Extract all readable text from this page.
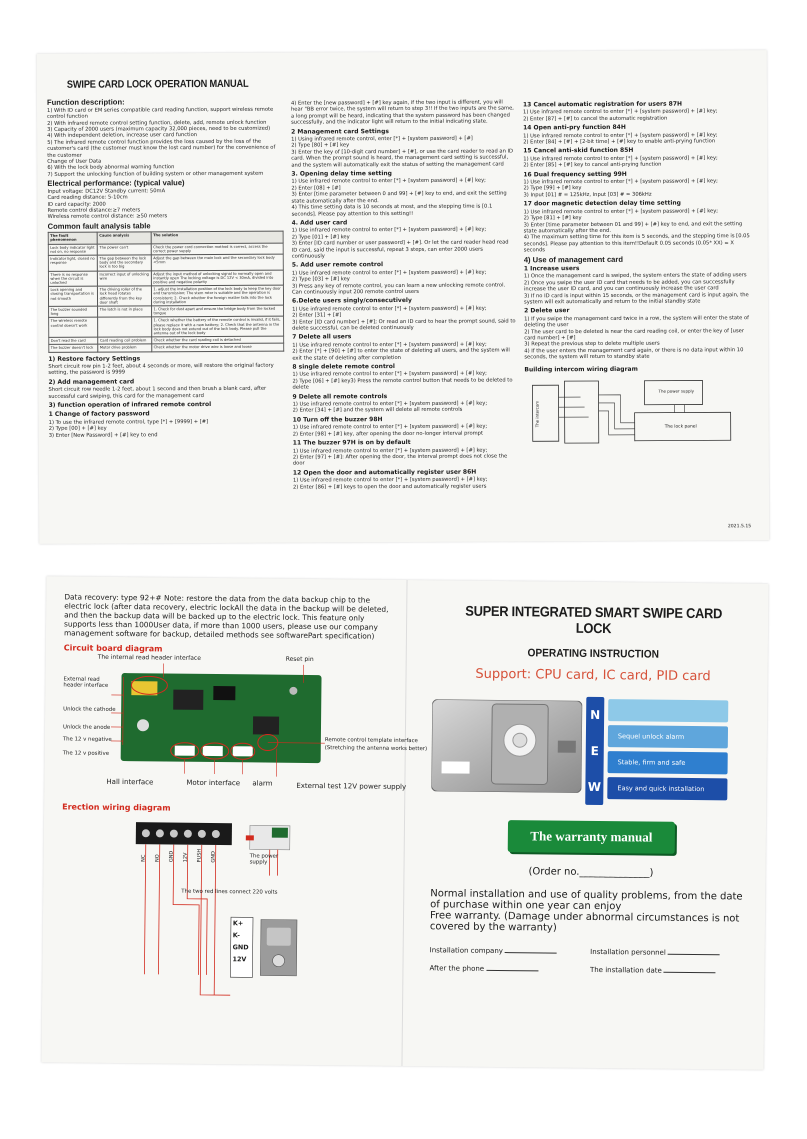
SWIPE CARD LOCK OPERATION MANUAL
Function description:

1) With ID card or EM series compatible card reading function, support wireless remote control function

2) With infrared remote control setting function, delete, add, remote unlock function

3) Capacity of 2000 users (maximum capacity 32,000 pieces, need to be customized)

4) With independent deletion, increase user card function

5) The infrared remote control function provides the loss caused by the loss of the customer's card (the customer must know the lost card number) for the convenience of the customer

Change of User Data

6) With the lock body abnormal warning function

7) Support the unlocking function of building system or other management system

Electrical performance: (typical value)

Input voltage: DC12V Standby current: 50mA

Card reading distance: 5-10cm

ID card capacity: 2000

Remote control distance:≥7 meters

Wireless remote control distance: ≥50 meters

Common fault analysis table
The fault phenomenon	Cause analysis	The solution
Lock body indicator light not on, no response	The power can't	Check the power cord connection method is correct, access the correct power supply
Indicator light, closed no response	The gap between the lock body and the secondary lock is too big	Adjust the gap between the main lock and the secondary lock body <5mm
There is no response when the circuit is unlocked	Incorrect input of unlocking wire	Adjust the input method of unlocking signal to normally open and instantly open The locking voltage is DC 12V < 30mA, divided into positive and negative polarity
Lock opening and closing transportation is not smooth	The driving roller of the lock head rotates differently from the key door shaft	1. adjust the installation position of the lock body to keep the key door and transmission; The stem rotor is suitable and the operation is consistent; 2. Check whether the foreign matter falls into the lock during installation
The buzzer sounded long	The latch is not in place	1. Check for dust apart and ensure the bridge body from the locked tongue
The wireless remote control doesn't work		1. Check whether the battery of the remote control is invalid, if it fails, please replace it with a new battery; 2. Check that the antenna in the lock body does not extend out of the lock body. Please pull the antenna out of the lock body
Don't read the card	Card reading coil problem	Check whether the card reading coil is detached
The buzzer doesn't lock	Motor drive problem	Check whether the motor drive wire is loose and loose
1) Restore factory Settings

Short circuit row pin 1-2 feet, about 4 seconds or more, will restore the original factory setting, the password is 9999

2) Add management card

Short circuit row needle 1-2 feet, about 1 second and then brush a blank card, after successful card swiping, this card for the management card

3) function operation of infrared remote control
1 Change of factory password

1) To use the infrared remote control, type [*] + [9999] + [#]

2) Type [00] + [#] key

3) Enter [New Password] + [#] key to end

4) Enter the [new password] + [#] key again, if the two input is different, you will hear "BB error twice, the system will return to step 3!! If the two inputs are the same, a long prompt will be heard, indicating that the system password has been changed successfully, and the indicator light will return to the initial indicating state.

2 Management card Settings

1) Using infrared remote control, enter [*] + [system password] + [#]

2) Type [80] + [#] key

3) Enter the key of [10-digit card number] + [#], or use the card reader to read an ID card. When the prompt sound is heard, the management card setting is successful, and the system will automatically exit the status of setting the management card

3. Opening delay time setting

1) Use infrared remote control to enter [*] + [system password] + [#] key;

2) Enter [08] + [#]

3) Enter [time parameter between 0 and 99] + [#] key to end, and exit the setting state automatically after the end.

4) This time setting data is 10 seconds at most, and the stepping time is [0.1 seconds]. Please pay attention to this setting!!

4. Add user card

1) Use infrared remote control to enter [*] + [system password] + [#] key;

2) Type [01] + [#] key

3) Enter [ID card number or user password] + [#]. Or let the card reader head read ID card, said the input is successful, repeat 3 steps, can enter 2000 users continuously

5. Add user remote control

1) Use infrared remote control to enter [*] + [system password] + [#] key;

2) Type [03] + [#] key

3) Press any key of remote control, you can learn a new unlocking remote control. Can continuously input 200 remote control users

6.Delete users singly/consecutively

1) Use infrared remote control to enter [*] + [system password] + [#] key;

2) Enter [31] + [#]

3) Enter [ID card number] + [#]; Or read an ID card to hear the prompt sound, said to delete successful, can be deleted continuously

7 Delete all users

1) Use infrared remote control to enter [*] + [system password] + [#] key;

2) Enter [*] + [90] + [#] to enter the state of deleting all users, and the system will exit the state of deleting after completion

8 single delete remote control

1) Use infrared remote control to enter [*] + [system password] + [#] key;

2) Type [06] + [#] key3) Press the remote control button that needs to be deleted to delete

9 Delete all remote controls

1) Use infrared remote control to enter [*] + [system password] + [#] key;

2) Enter [34] + [#] and the system will delete all remote controls

10 Turn off the buzzer 98H

1) Use infrared remote control to enter [*] + [system password] + [#] key;

2) Enter [98] + [#] key, after opening the door no-longer interval prompt

11 The buzzer 97H is on by default

1) Use infrared remote control to enter [*] + [system password] + [#] key;

2) Enter [97] + [#]: After opening the door, the interval prompt does not close the door

12 Open the door and automatically register user 86H

1) Use infrared remote control to enter [*] + [system password] + [#] key;

2) Enter [86] + [#] keys to open the door and automatically register users

13 Cancel automatic registration for users 87H

1) Use infrared remote control to enter [*] + [system password] + [#] key;

2) Enter [87] + [#] to cancel the automatic registration

14 Open anti-pry function 84H

1) Use infrared remote control to enter [*] + [system password] + [#] key;

2) Enter [84] + [#] + [2-bit time] + [#] key to enable anti-prying function

15 Cancel anti-skid function 85H

1) Use infrared remote control to enter [*] + [system password] + [#] key;

2) Enter [85] + [#] key to cancel anti-prying function

16 Dual frequency setting 99H

1) Use infrared remote control to enter [*] + [system password] + [#] key;

2) Type [99] + [#] key

3) Input [01] # = 125kHz, Input [03] # = 306kHz

17 door magnetic detection delay time setting

1) Use infrared remote control to enter [*] + [system password] + [#] key;

2) Type [81] + [#] key

3) Enter [time parameter between 01 and 99] + [#] key to end, and exit the setting state automatically after the end.

4) The maximum setting time for this item is 5 seconds, and the stepping time is [0.05 seconds]. Please pay attention to this item!!Default 0.05 seconds (0.05* XX) = X seconds

4) Use of management card
1 Increase users

1) Once the management card is swiped, the system enters the state of adding users

2) Once you swipe the user ID card that needs to be added, you can successfully increase the user ID card, and you can continuously increase the user card

3) If no ID card is input within 15 seconds, or the management card is input again, the system will exit automatically and return to the initial standby state

2 Delete user

1) If you swipe the management card twice in a row, the system will enter the state of deleting the user

2) The user card to be deleted is near the card reading coil, or enter the key of [user card number] + [#]

3) Repeat the previous step to delete multiple users

4) If the user enters the management card again, or there is no data input within 10 seconds, the system will return to standby state

Building intercom wiring diagram
The intercom
The power supply
The lock panel
2021.5.15

Data recovery: type 92+# Note: restore the data from the data backup chip to the electric lock (after data recovery, electric lockAll the data in the backup will be deleted, and then the backup data will be backed up to the electric lock. This feature only supports less than 1000User data, if more than 1000 users, please use our company management software for backup, detailed methods see softwarePart specification)

Circuit board diagram
The internal read header interface	Reset pin
External read header interface
Unlock the cathode
Unlock the anode
The 12 v negative
The 12 v positive
Remote control template interface
(Stretching the antenna works better)
Hall interface	Motor interface alarm	External test 12V power supply
Erection wiring diagram
NC	NO	GND	12V	PUSH	GND	The power supply
The two red lines connect 220 volts
K+
K-
GND
12V
SUPER INTEGRATED SMART SWIPE CARD LOCK
OPERATING INSTRUCTION
Support: CPU card, IC card, PID card
N
E
W
Sequel unlock alarm
Stable, firm and safe
Easy and quick installation
The warranty manual
(Order no.______________)
Normal installation and use of quality problems, from the date of purchase within one year can enjoy
Free warranty. (Damage under abnormal circumstances is not covered by the warranty)
Installation company	Installation personnel
After the phone	The installation date
